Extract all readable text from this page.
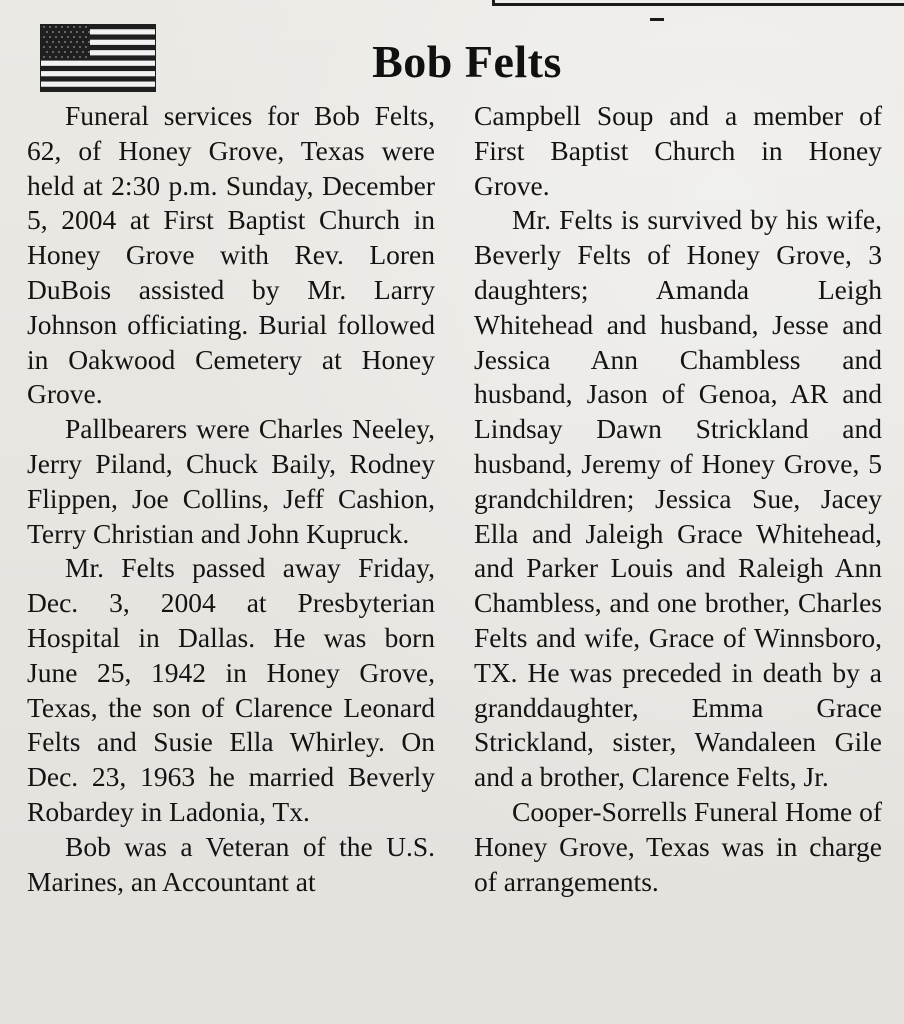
Bob Felts

Funeral services for Bob Felts, 62, of Honey Grove, Texas were held at 2:30 p.m. Sunday, December 5, 2004 at First Baptist Church in Honey Grove with Rev. Loren DuBois assisted by Mr. Larry Johnson officiating. Burial followed in Oakwood Cemetery at Honey Grove.

Pallbearers were Charles Neeley, Jerry Piland, Chuck Baily, Rodney Flippen, Joe Collins, Jeff Cashion, Terry Christian and John Kupruck.

Mr. Felts passed away Friday, Dec. 3, 2004 at Presbyterian Hospital in Dallas. He was born June 25, 1942 in Honey Grove, Texas, the son of Clarence Leonard Felts and Susie Ella Whirley. On Dec. 23, 1963 he married Beverly Robardey in Ladonia, Tx.

Bob was a Veteran of the U.S. Marines, an Accountant at

Campbell Soup and a member of First Baptist Church in Honey Grove.

Mr. Felts is survived by his wife, Beverly Felts of Honey Grove, 3 daughters; Amanda Leigh Whitehead and husband, Jesse and Jessica Ann Chambless and husband, Jason of Genoa, AR and Lindsay Dawn Strickland and husband, Jeremy of Honey Grove, 5 grandchildren; Jessica Sue, Jacey Ella and Jaleigh Grace Whitehead, and Parker Louis and Raleigh Ann Chambless, and one brother, Charles Felts and wife, Grace of Winnsboro, TX. He was preceded in death by a granddaughter, Emma Grace Strickland, sister, Wandaleen Gile and a brother, Clarence Felts, Jr.

Cooper-Sorrells Funeral Home of Honey Grove, Texas was in charge of arrangements.
